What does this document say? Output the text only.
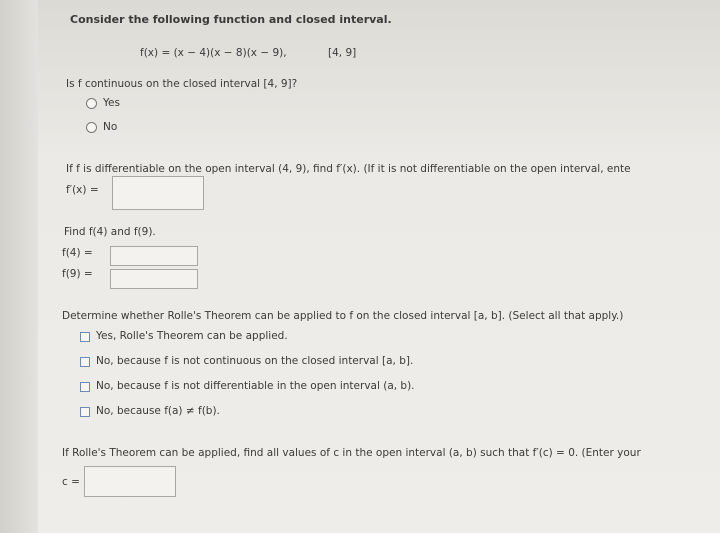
Consider the following function and closed interval.
f(x) = (x − 4)(x − 8)(x − 9),	[4, 9]
Is f continuous on the closed interval [4, 9]?
Yes
No
If f is differentiable on the open interval (4, 9), find f′(x). (If it is not differentiable on the open interval, ente
f′(x) =
Find f(4) and f(9).
f(4) =
f(9) =
Determine whether Rolle's Theorem can be applied to f on the closed interval [a, b]. (Select all that apply.)
Yes, Rolle's Theorem can be applied.
No, because f is not continuous on the closed interval [a, b].
No, because f is not differentiable in the open interval (a, b).
No, because f(a) ≠ f(b).
If Rolle's Theorem can be applied, find all values of c in the open interval (a, b) such that f′(c) = 0. (Enter your
c =
